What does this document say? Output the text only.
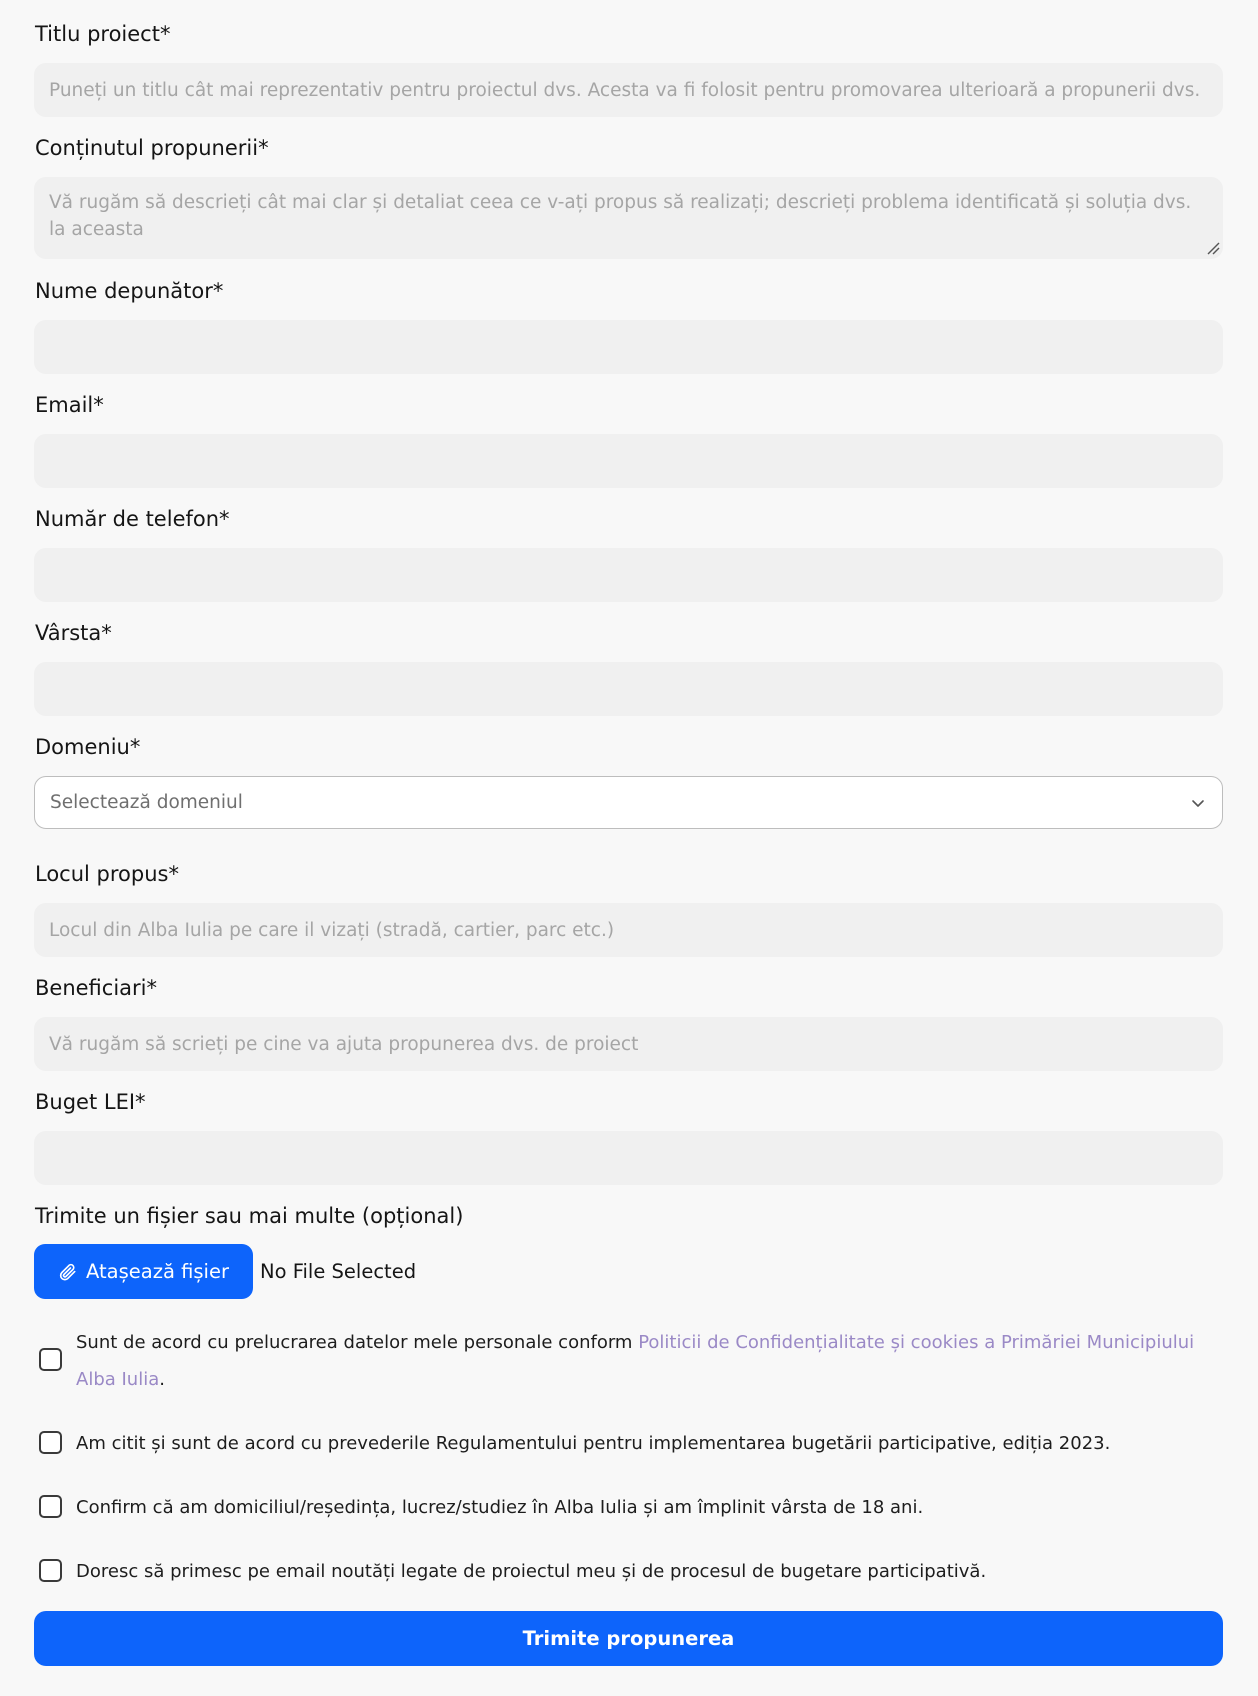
Titlu proiect*
Puneți un titlu cât mai reprezentativ pentru proiectul dvs. Acesta va fi folosit pentru promovarea ulterioară a propunerii dvs.
Conținutul propunerii*
Vă rugăm să descrieți cât mai clar și detaliat ceea ce v-ați propus să realizați; descrieți problema identificată și soluția dvs. la aceasta
Nume depunător*
Email*
Număr de telefon*
Vârsta*
Domeniu*
Selectează domeniul
Locul propus*
Locul din Alba Iulia pe care il vizați (stradă, cartier, parc etc.)
Beneficiari*
Vă rugăm să scrieți pe cine va ajuta propunerea dvs. de proiect
Buget LEI*
Trimite un fișier sau mai multe (opțional)
Atașează fișier No File Selected
Sunt de acord cu prelucrarea datelor mele personale conform Politicii de Confidențialitate și cookies a Primăriei Municipiului Alba Iulia.
Am citit și sunt de acord cu prevederile Regulamentului pentru implementarea bugetării participative, ediția 2023.
Confirm că am domiciliul/reședința, lucrez/studiez în Alba Iulia și am împlinit vârsta de 18 ani.
Doresc să primesc pe email noutăți legate de proiectul meu și de procesul de bugetare participativă.
Trimite propunerea
